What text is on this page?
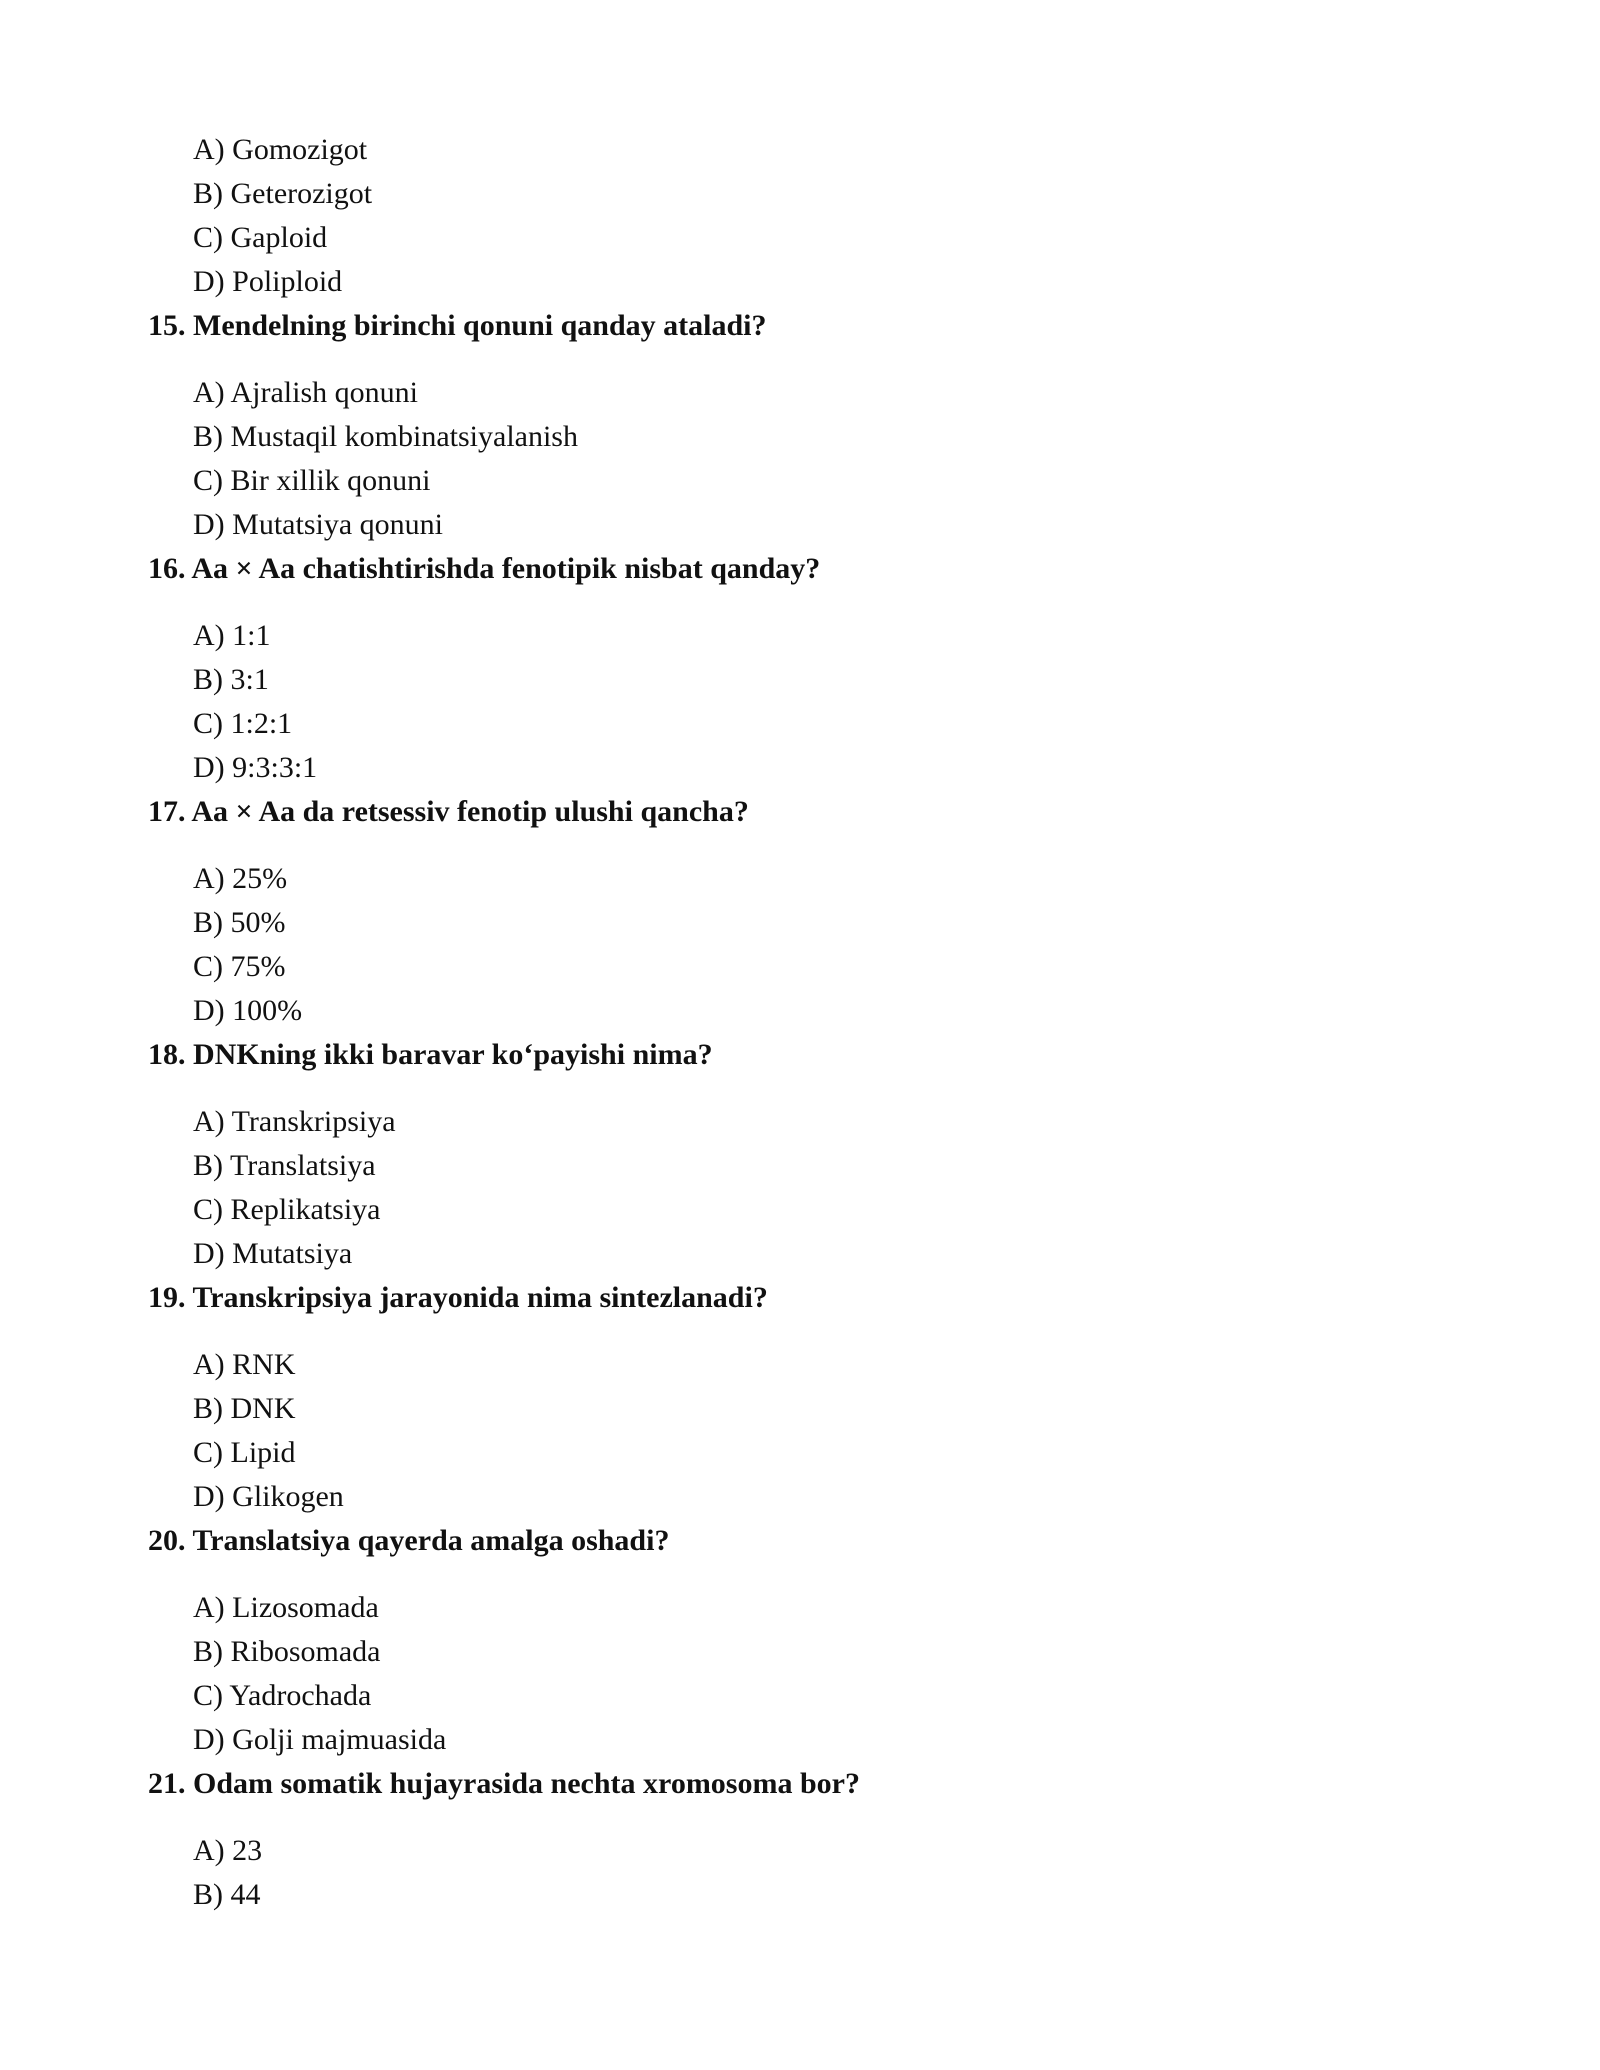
A) Gomozigot
B) Geterozigot
C) Gaploid
D) Poliploid
15. Mendelning birinchi qonuni qanday ataladi?
A) Ajralish qonuni
B) Mustaqil kombinatsiyalanish
C) Bir xillik qonuni
D) Mutatsiya qonuni
16. Aa × Aa chatishtirishda fenotipik nisbat qanday?
A) 1:1
B) 3:1
C) 1:2:1
D) 9:3:3:1
17. Aa × Aa da retsessiv fenotip ulushi qancha?
A) 25%
B) 50%
C) 75%
D) 100%
18. DNKning ikki baravar ko‘payishi nima?
A) Transkripsiya
B) Translatsiya
C) Replikatsiya
D) Mutatsiya
19. Transkripsiya jarayonida nima sintezlanadi?
A) RNK
B) DNK
C) Lipid
D) Glikogen
20. Translatsiya qayerda amalga oshadi?
A) Lizosomada
B) Ribosomada
C) Yadrochada
D) Golji majmuasida
21. Odam somatik hujayrasida nechta xromosoma bor?
A) 23
B) 44
